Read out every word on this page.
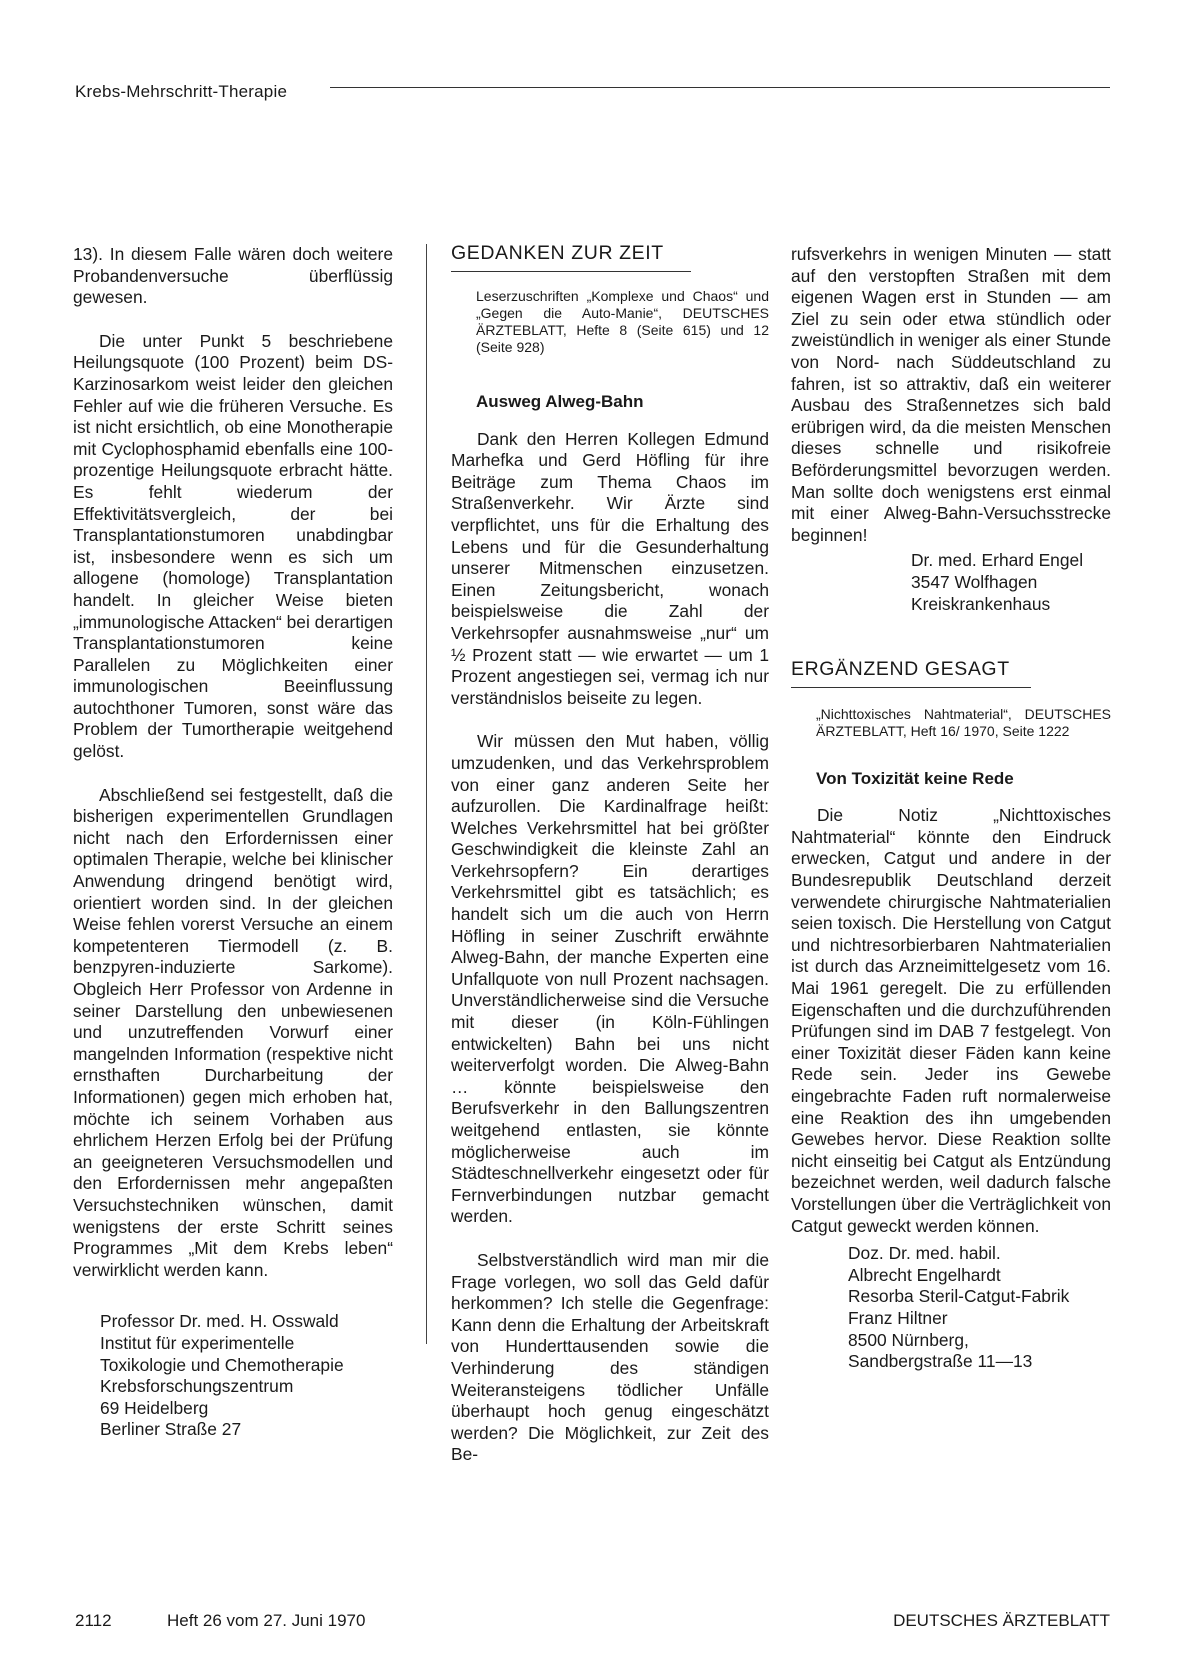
Krebs-Mehrschritt-Therapie

13). In diesem Falle wären doch weitere Probandenversuche überflüssig gewesen.

Die unter Punkt 5 beschriebene Heilungsquote (100 Prozent) beim DS-Karzinosarkom weist leider den gleichen Fehler auf wie die früheren Versuche. Es ist nicht ersichtlich, ob eine Monotherapie mit Cyclophosphamid ebenfalls eine 100-prozentige Heilungsquote erbracht hätte. Es fehlt wiederum der Effektivitätsvergleich, der bei Transplantationstumoren unabdingbar ist, insbesondere wenn es sich um allogene (homologe) Transplantation handelt. In gleicher Weise bieten „immunologische Attacken“ bei derartigen Transplantationstumoren keine Parallelen zu Möglichkeiten einer immunologischen Beeinflussung autochthoner Tumoren, sonst wäre das Problem der Tumortherapie weitgehend gelöst.

Abschließend sei festgestellt, daß die bisherigen experimentellen Grundlagen nicht nach den Erfordernissen einer optimalen Therapie, welche bei klinischer Anwendung dringend benötigt wird, orientiert worden sind. In der gleichen Weise fehlen vorerst Versuche an einem kompetenteren Tiermodell (z. B. benzpyren-induzierte Sarkome). Obgleich Herr Professor von Ardenne in seiner Darstellung den unbewiesenen und unzutreffenden Vorwurf einer mangelnden Information (respektive nicht ernsthaften Durcharbeitung der Informationen) gegen mich erhoben hat, möchte ich seinem Vorhaben aus ehrlichem Herzen Erfolg bei der Prüfung an geeigneteren Versuchsmodellen und den Erfordernissen mehr angepaßten Versuchstechniken wünschen, damit wenigstens der erste Schritt seines Programmes „Mit dem Krebs leben“ verwirklicht werden kann.

Professor Dr. med. H. Osswald
Institut für experimentelle
Toxikologie und Chemotherapie
Krebsforschungszentrum
69 Heidelberg
Berliner Straße 27
GEDANKEN ZUR ZEIT
Leserzuschriften „Komplexe und Chaos“ und „Gegen die Auto-Manie“, DEUTSCHES ÄRZTEBLATT, Hefte 8 (Seite 615) und 12 (Seite 928)
Ausweg Alweg-Bahn

Dank den Herren Kollegen Edmund Marhefka und Gerd Höfling für ihre Beiträge zum Thema Chaos im Straßenverkehr. Wir Ärzte sind verpflichtet, uns für die Erhaltung des Lebens und für die Gesunderhaltung unserer Mitmenschen einzusetzen. Einen Zeitungsbericht, wonach beispielsweise die Zahl der Verkehrsopfer ausnahmsweise „nur“ um ½ Prozent statt — wie erwartet — um 1 Prozent angestiegen sei, vermag ich nur verständnislos beiseite zu legen.

Wir müssen den Mut haben, völlig umzudenken, und das Verkehrsproblem von einer ganz anderen Seite her aufzurollen. Die Kardinalfrage heißt: Welches Verkehrsmittel hat bei größter Geschwindigkeit die kleinste Zahl an Verkehrsopfern? Ein derartiges Verkehrsmittel gibt es tatsächlich; es handelt sich um die auch von Herrn Höfling in seiner Zuschrift erwähnte Alweg-Bahn, der manche Experten eine Unfallquote von null Prozent nachsagen. Unverständlicherweise sind die Versuche mit dieser (in Köln-Fühlingen entwickelten) Bahn bei uns nicht weiterverfolgt worden. Die Alweg-Bahn … könnte beispielsweise den Berufsverkehr in den Ballungszentren weitgehend entlasten, sie könnte möglicherweise auch im Städteschnellverkehr eingesetzt oder für Fernverbindungen nutzbar gemacht werden.

Selbstverständlich wird man mir die Frage vorlegen, wo soll das Geld dafür herkommen? Ich stelle die Gegenfrage: Kann denn die Erhaltung der Arbeitskraft von Hunderttausenden sowie die Verhinderung des ständigen Weiteransteigens tödlicher Unfälle überhaupt hoch genug eingeschätzt werden? Die Möglichkeit, zur Zeit des Be-

rufsverkehrs in wenigen Minuten — statt auf den verstopften Straßen mit dem eigenen Wagen erst in Stunden — am Ziel zu sein oder etwa stündlich oder zweistündlich in weniger als einer Stunde von Nord- nach Süddeutschland zu fahren, ist so attraktiv, daß ein weiterer Ausbau des Straßennetzes sich bald erübrigen wird, da die meisten Menschen dieses schnelle und risikofreie Beförderungsmittel bevorzugen werden. Man sollte doch wenigstens erst einmal mit einer Alweg-Bahn-Versuchsstrecke beginnen!

Dr. med. Erhard Engel
3547 Wolfhagen
Kreiskrankenhaus
ERGÄNZEND GESAGT
„Nichttoxisches Nahtmaterial“, DEUTSCHES ÄRZTEBLATT, Heft 16/ 1970, Seite 1222
Von Toxizität keine Rede

Die Notiz „Nichttoxisches Nahtmaterial“ könnte den Eindruck erwecken, Catgut und andere in der Bundesrepublik Deutschland derzeit verwendete chirurgische Nahtmaterialien seien toxisch. Die Herstellung von Catgut und nichtresorbierbaren Nahtmaterialien ist durch das Arzneimittelgesetz vom 16. Mai 1961 geregelt. Die zu erfüllenden Eigenschaften und die durchzuführenden Prüfungen sind im DAB 7 festgelegt. Von einer Toxizität dieser Fäden kann keine Rede sein. Jeder ins Gewebe eingebrachte Faden ruft normalerweise eine Reaktion des ihn umgebenden Gewebes hervor. Diese Reaktion sollte nicht einseitig bei Catgut als Entzündung bezeichnet werden, weil dadurch falsche Vorstellungen über die Verträglichkeit von Catgut geweckt werden können.

Doz. Dr. med. habil.
Albrecht Engelhardt
Resorba Steril-Catgut-Fabrik
Franz Hiltner
8500 Nürnberg,
Sandbergstraße 11—13
2112	Heft 26 vom 27. Juni 1970	DEUTSCHES ÄRZTEBLATT
